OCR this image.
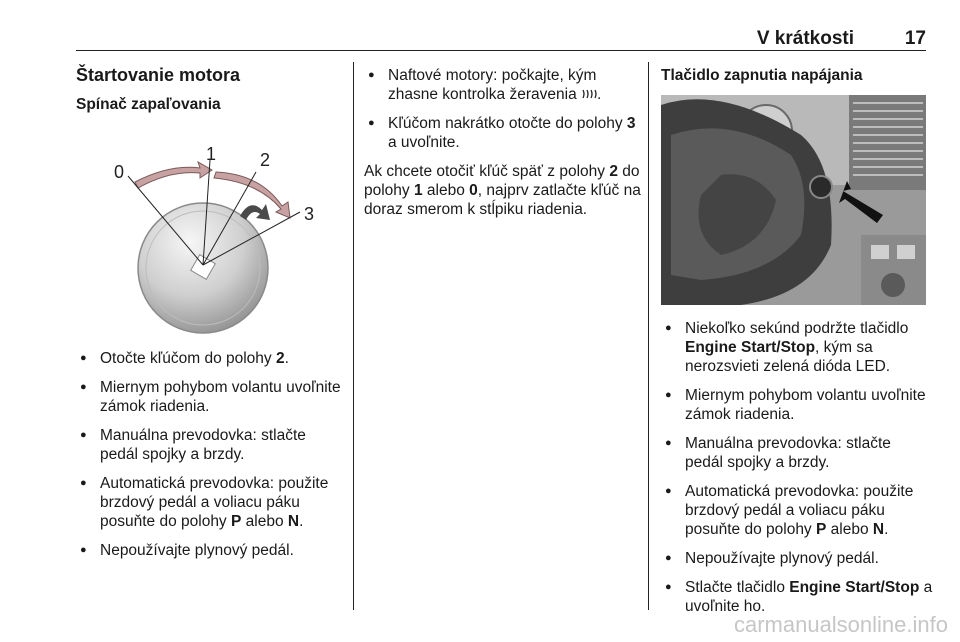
V krátkosti	17
Štartovanie motora
Spínač zapaľovania
0
1 2
3
● Otočte kľúčom do polohy 2.
● Miernym pohybom volantu uvoľnite zámok riadenia.
● Manuálna prevodovka: stlačte pedál spojky a brzdy.
● Automatická prevodovka: použite brzdový pedál a voliacu páku posuňte do polohy P alebo N.
● Nepoužívajte plynový pedál.
● Naftové motory: počkajte, kým zhasne kontrolka žeravenia .
● Kľúčom nakrátko otočte do polohy 3 a uvoľnite.

Ak chcete otočiť kľúč späť z polohy 2 do polohy 1 alebo 0, najprv zatlačte kľúč na doraz smerom k stĺpiku riadenia.

Tlačidlo zapnutia napájania
● Niekoľko sekúnd podržte tlačidlo Engine Start/Stop, kým sa nerozsvieti zelená dióda LED.
● Miernym pohybom volantu uvoľnite zámok riadenia.
● Manuálna prevodovka: stlačte pedál spojky a brzdy.
● Automatická prevodovka: použite brzdový pedál a voliacu páku posuňte do polohy P alebo N.
● Nepoužívajte plynový pedál.
● Stlačte tlačidlo Engine Start/Stop a uvoľnite ho.
carmanualsonline.info
